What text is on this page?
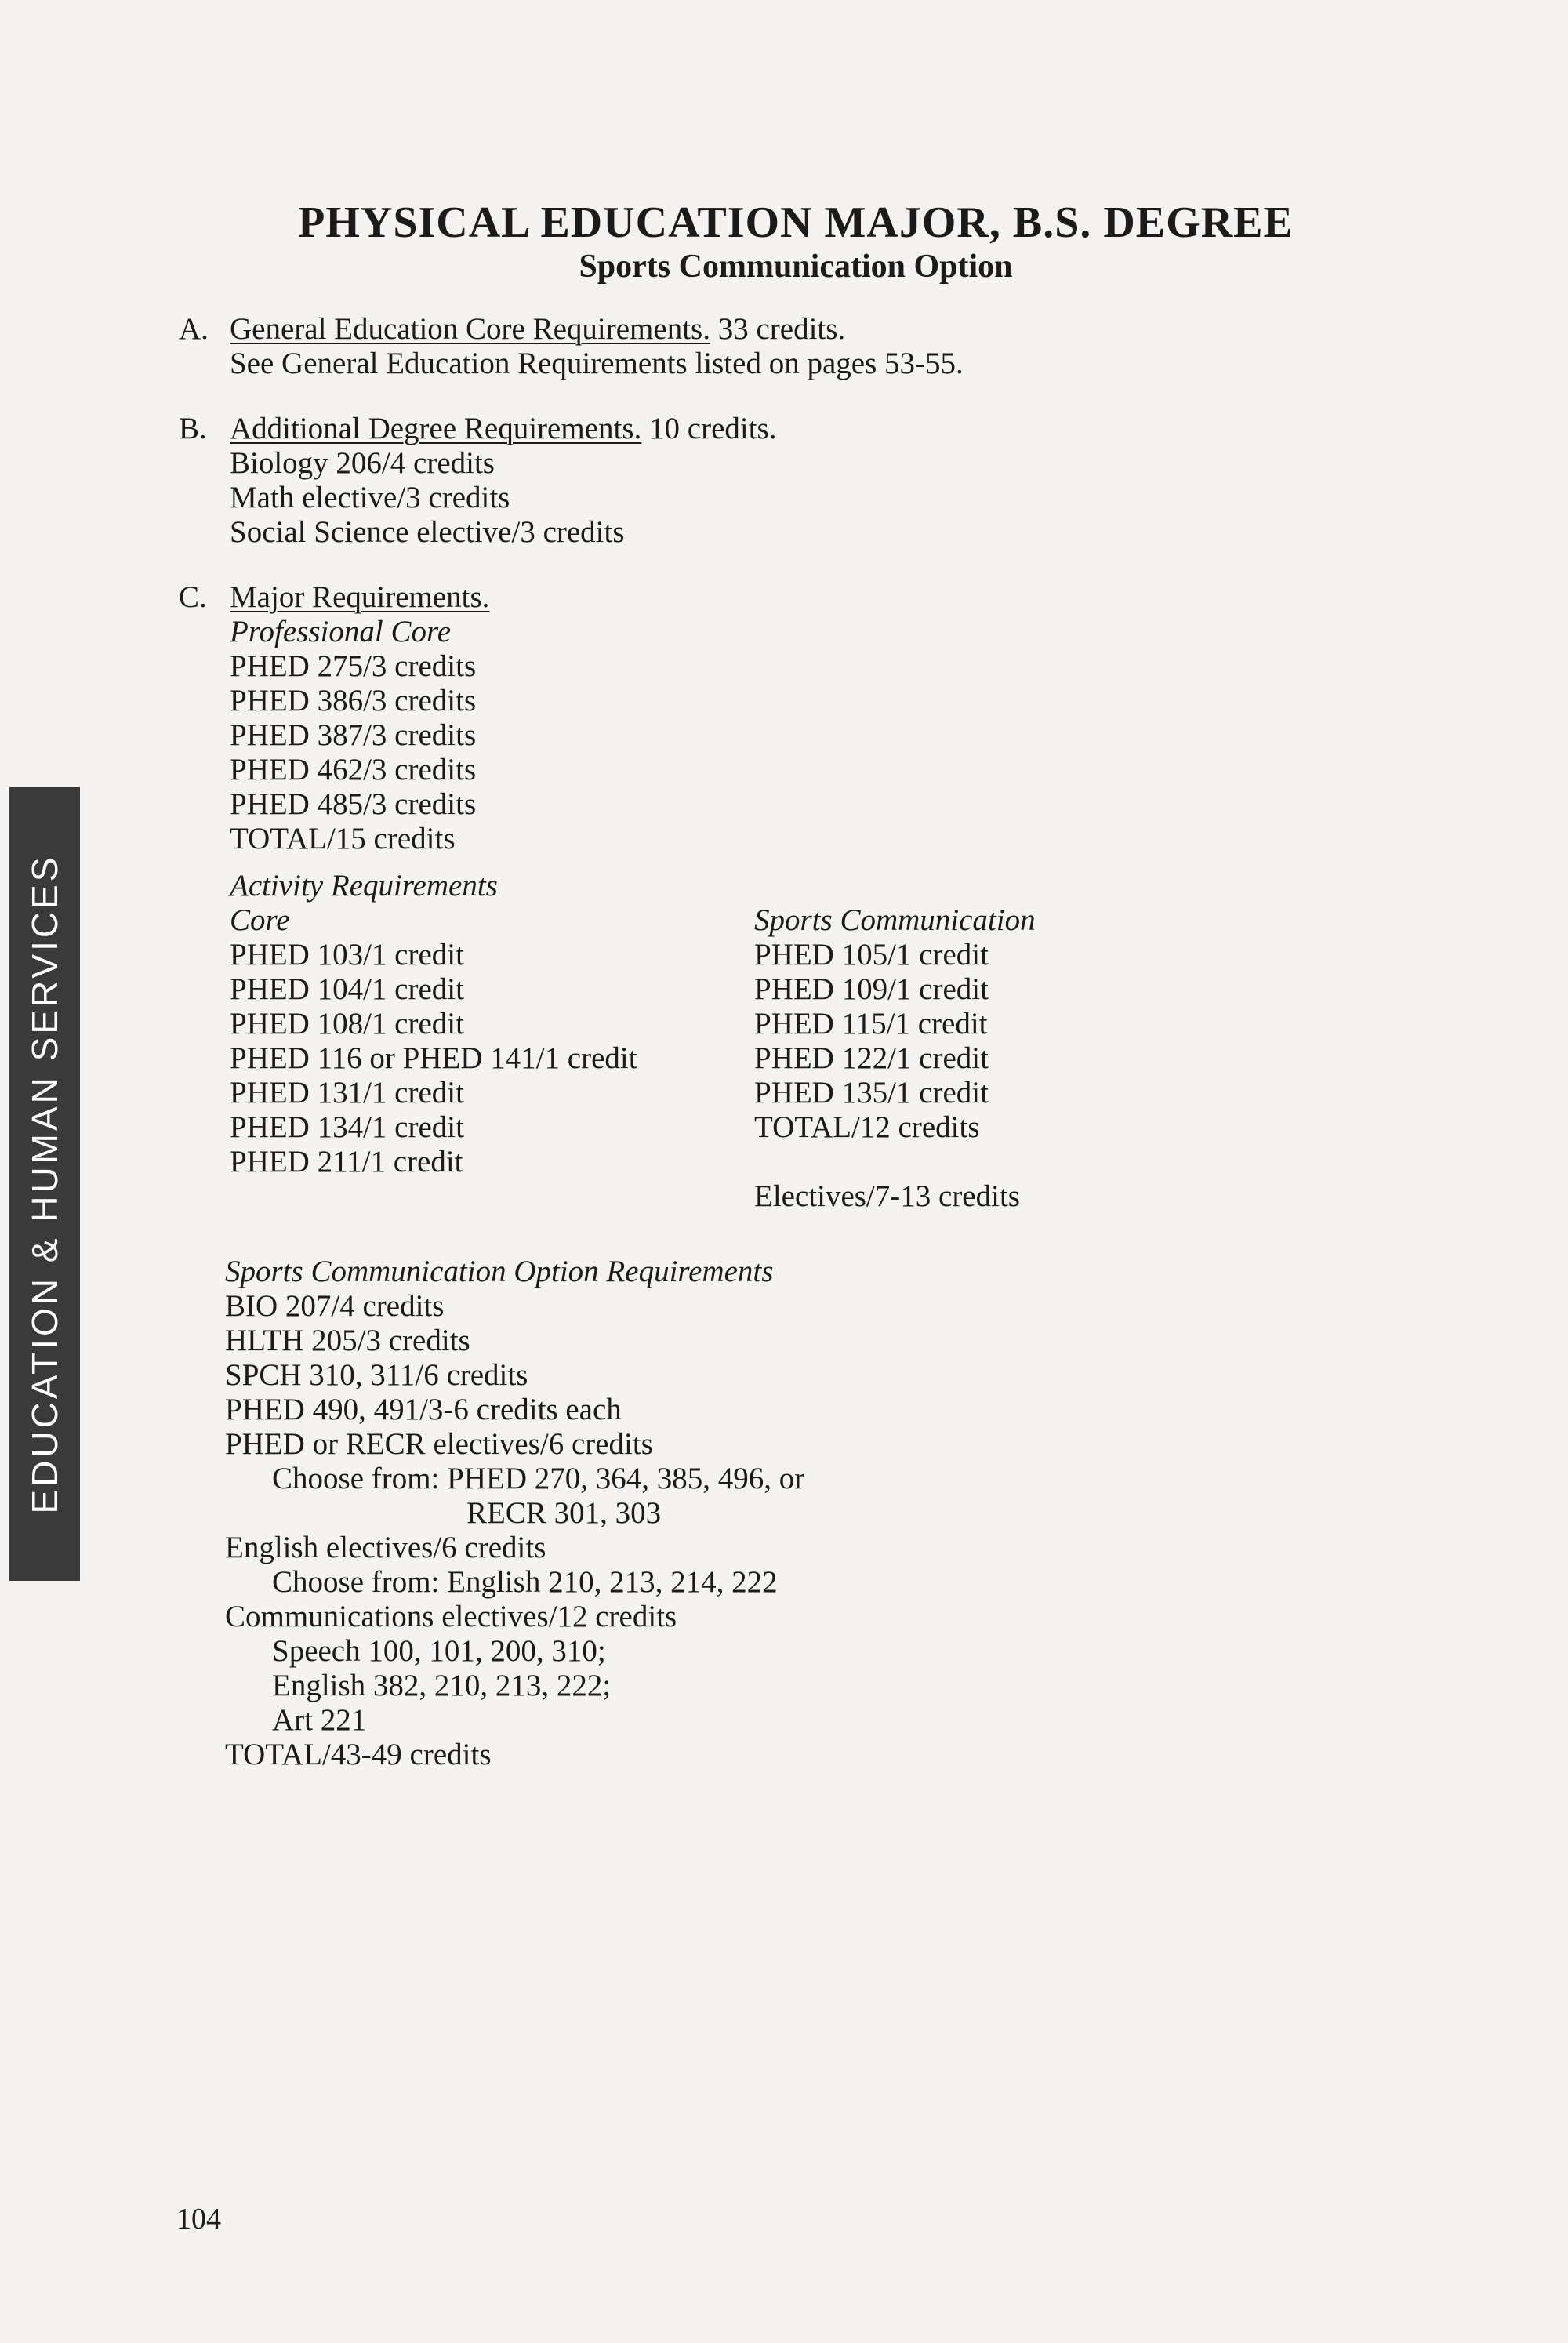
PHYSICAL EDUCATION MAJOR, B.S. DEGREE
Sports Communication Option
A. General Education Core Requirements. 33 credits.
See General Education Requirements listed on pages 53-55.
B. Additional Degree Requirements. 10 credits.
Biology 206/4 credits
Math elective/3 credits
Social Science elective/3 credits
C. Major Requirements.
Professional Core
PHED 275/3 credits
PHED 386/3 credits
PHED 387/3 credits
PHED 462/3 credits
PHED 485/3 credits
TOTAL/15 credits
Activity Requirements
Core
PHED 103/1 credit
PHED 104/1 credit
PHED 108/1 credit
PHED 116 or PHED 141/1 credit
PHED 131/1 credit
PHED 134/1 credit
PHED 211/1 credit
Sports Communication
PHED 105/1 credit
PHED 109/1 credit
PHED 115/1 credit
PHED 122/1 credit
PHED 135/1 credit
TOTAL/12 credits
Electives/7-13 credits
Sports Communication Option Requirements
BIO 207/4 credits
HLTH 205/3 credits
SPCH 310, 311/6 credits
PHED 490, 491/3-6 credits each
PHED or RECR electives/6 credits
Choose from: PHED 270, 364, 385, 496, or
RECR 301, 303
English electives/6 credits
Choose from: English 210, 213, 214, 222
Communications electives/12 credits
Speech 100, 101, 200, 310;
English 382, 210, 213, 222;
Art 221
TOTAL/43-49 credits
EDUCATION & HUMAN SERVICES
104
